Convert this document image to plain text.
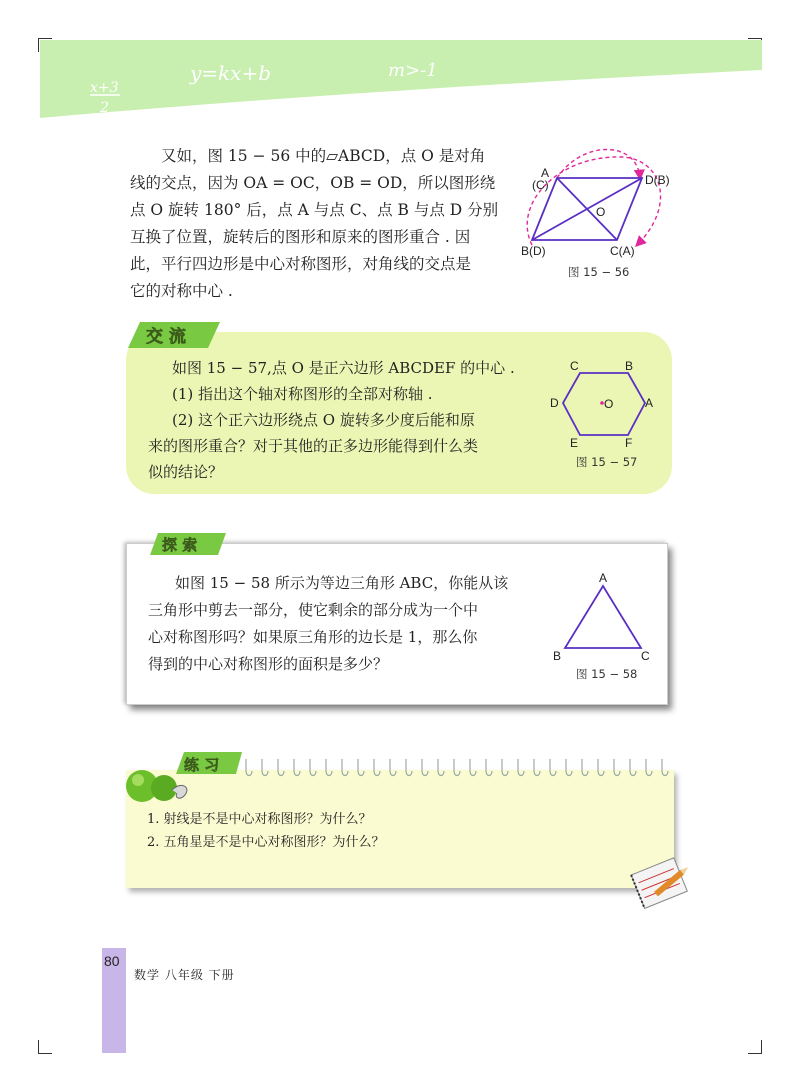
x+3
2
y=kx+b	m>-1
又如，图 15 − 56 中的▱ABCD，点 O 是对角
线的交点，因为 OA = OC，OB = OD，所以图形绕
点 O 旋转 180° 后，点 A 与点 C、点 B 与点 D 分别
互换了位置，旋转后的图形和原来的图形重合 . 因
此，平行四边形是中心对称图形，对角线的交点是
它的对称中心 .
A
(C)	D(B)
O
B(D)	C(A)
图 15 − 56
交 流
如图 15 − 57,点 O 是正六边形 ABCDEF 的中心 .
(1) 指出这个轴对称图形的全部对称轴 .
(2) 这个正六边形绕点 O 旋转多少度后能和原
来的图形重合？对于其他的正多边形能得到什么类
似的结论？
C	B
D	O	A
E	F
图 15 − 57
探 索
如图 15 − 58 所示为等边三角形 ABC，你能从该
三角形中剪去一部分，使它剩余的部分成为一个中
心对称图形吗？如果原三角形的边长是 1，那么你
得到的中心对称图形的面积是多少？
A
B	C
图 15 − 58
练 习
1. 射线是不是中心对称图形？为什么？
2. 五角星是不是中心对称图形？为什么？
80
数学 八年级 下册
